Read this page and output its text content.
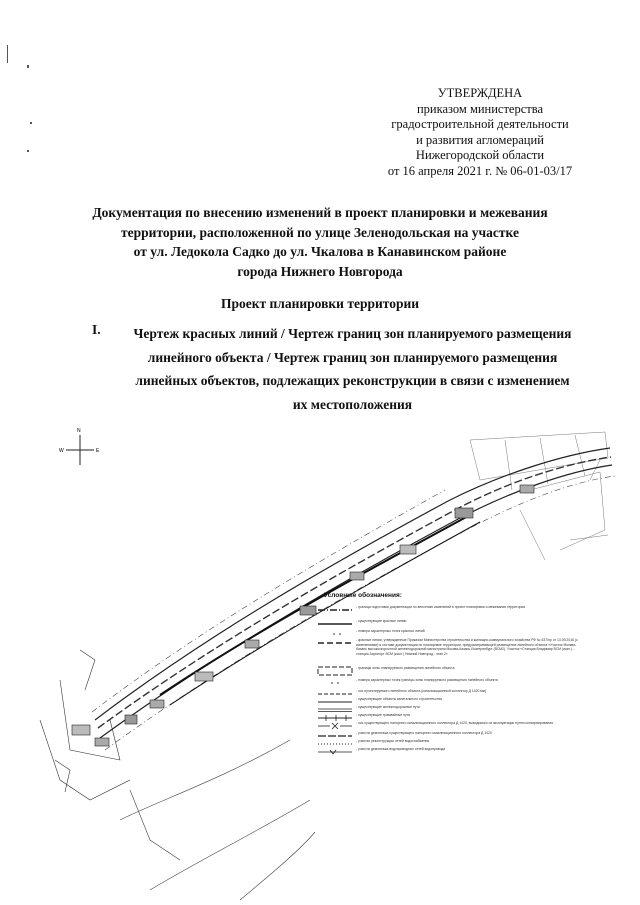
УТВЕРЖДЕНА
приказом министерства
градостроительной деятельности
и развития агломераций
Нижегородской области
от 16 апреля 2021 г. № 06-01-03/17
Документация по внесению изменений в проект планировки и межевания
территории, расположенной по улице Зеленодольская на участке
от ул. Ледокола Садко до ул. Чкалова в Канавинском районе
города Нижнего Новгорода
Проект планировки территории
I.	Чертеж красных линий / Чертеж границ зон планируемого размещения
линейного объекта / Чертеж границ зон планируемого размещения
линейных объектов, подлежащих реконструкции в связи с изменением
их местоположения
N
E
W
Условные обозначения:
- граница подготовки документации по внесению изменений в проект планировки и межевания территории
- существующие красные линии
- номера характерных точек красных линий
- красные линии, утвержденные Приказом Министерства строительства и жилищно-коммунального хозяйства РФ № 637/пр от 13.09.2016 (с изменениями) в составе документации по планировке территории, предусматривающей размещение линейного объекта «Участок Москва-Казань высокоскоростной железнодорожной магистрали Москва-Казань-Екатеринбург (ВСМ2). Участок «Станция Владимир ВСМ (искл.) - станция Аэропорт ВСМ (искл.) Нижний Новгород - этап 2»
- границы зоны планируемого размещения линейного объекта
- номера характерных точек границы зоны планируемого размещения линейного объекта
- ось проектируемого линейного объекта (канализационный коллектор Д 1420 мм)
- существующие объекты капитального строительства
- существующие железнодорожные пути
- существующие трамвайные пути
- ось существующего напорного канализационного коллектора Д 1420, выводимого из эксплуатации путем консервирования
- участок демонтажа существующего напорного канализационного коллектора Д 1420
- участки реконструкции сетей водоснабжения
- участок демонтажа водопроводных сетей водопровода
